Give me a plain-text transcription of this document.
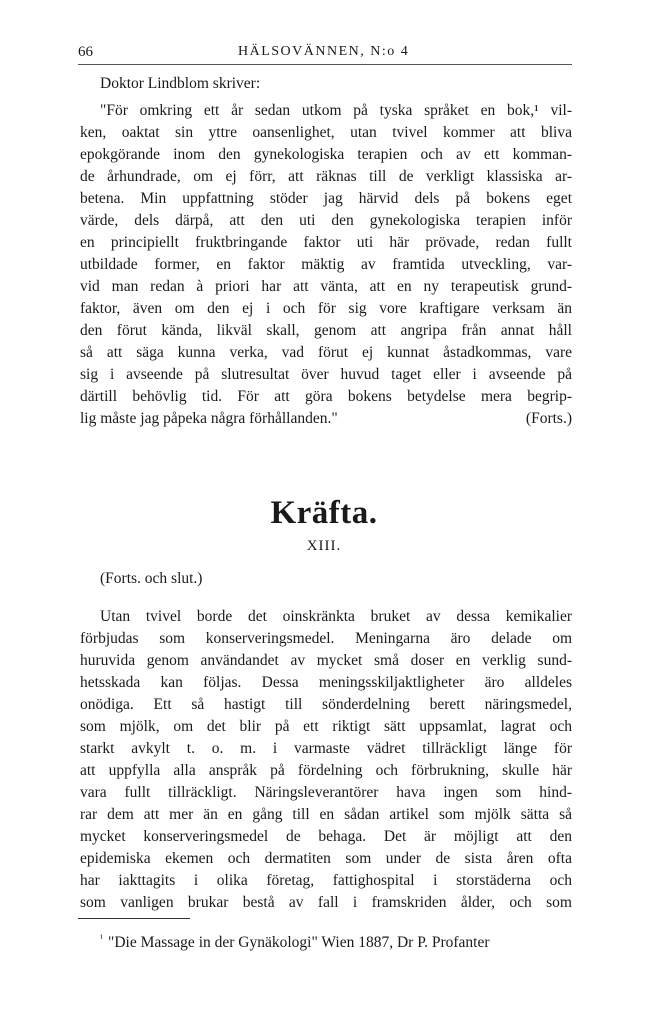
66	HÄLSOVÄNNEN, N:o 4
Doktor Lindblom skriver:
"För omkring ett år sedan utkom på tyska språket en bok,¹ vil-
ken, oaktat sin yttre oansenlighet, utan tvivel kommer att bliva
epokgörande inom den gynekologiska terapien och av ett komman-
de århundrade, om ej förr, att räknas till de verkligt klassiska ar-
betena. Min uppfattning stöder jag härvid dels på bokens eget
värde, dels därpå, att den uti den gynekologiska terapien inför
en principiellt fruktbringande faktor uti här prövade, redan fullt
utbildade former, en faktor mäktig av framtida utveckling, var-
vid man redan à priori har att vänta, att en ny terapeutisk grund-
faktor, även om den ej i och för sig vore kraftigare verksam än
den förut kända, likväl skall, genom att angripa från annat håll
så att säga kunna verka, vad förut ej kunnat åstadkommas, vare
sig i avseende på slutresultat över huvud taget eller i avseende på
därtill behövlig tid. För att göra bokens betydelse mera begrip-
lig måste jag påpeka några förhållanden."	(Forts.)
Kräfta.
XIII.
(Forts. och slut.)
Utan tvivel borde det oinskränkta bruket av dessa kemikalier
förbjudas som konserveringsmedel. Meningarna äro delade om
huruvida genom användandet av mycket små doser en verklig sund-
hetsskada kan följas. Dessa meningsskiljaktligheter äro alldeles
onödiga. Ett så hastigt till sönderdelning berett näringsmedel,
som mjölk, om det blir på ett riktigt sätt uppsamlat, lagrat och
starkt avkylt t. o. m. i varmaste vädret tillräckligt länge för
att uppfylla alla anspråk på fördelning och förbrukning, skulle här
vara fullt tillräckligt. Näringsleverantörer hava ingen som hind-
rar dem att mer än en gång till en sådan artikel som mjölk sätta så
mycket konserveringsmedel de behaga. Det är möjligt att den
epidemiska ekemen och dermatiten som under de sista åren ofta
har iakttagits i olika företag, fattighospital i storstäderna och
som vanligen brukar bestå av fall i framskriden ålder, och som
$^{^1}$ "Die Massage in der Gynäkologi" Wien 1887, Dr P. Profanter
